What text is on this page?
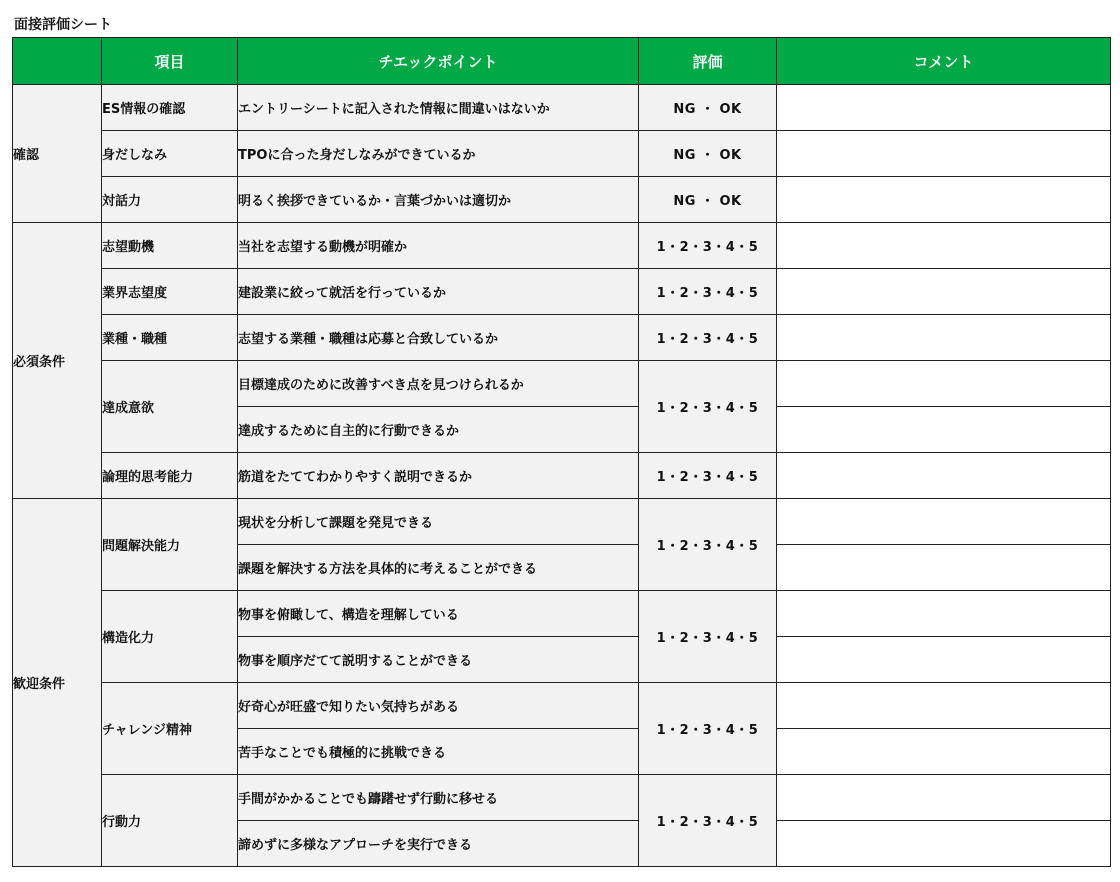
面接評価シート
	項目	チエックポイント	評価	コメント
確認	ES情報の確認	エントリーシートに記入された情報に間違いはないか	NG ・ OK	
	身だしなみ	TPOに合った身だしなみができているか	NG ・ OK	
	対話力	明るく挨拶できているか・言葉づかいは適切か	NG ・ OK	
必須条件	志望動機	当社を志望する動機が明確か	1・2・3・4・5	
	業界志望度	建設業に絞って就活を行っているか	1・2・3・4・5	
	業種・職種	志望する業種・職種は応募と合致しているか	1・2・3・4・5	
	達成意欲	目標達成のために改善すべき点を見つけられるか	1・2・3・4・5	
		達成するために自主的に行動できるか		
	論理的思考能力	筋道をたててわかりやすく説明できるか	1・2・3・4・5	
歓迎条件	問題解決能力	現状を分析して課題を発見できる	1・2・3・4・5	
		課題を解決する方法を具体的に考えることができる		
	構造化力	物事を俯瞰して、構造を理解している	1・2・3・4・5	
		物事を順序だてて説明することができる		
	チャレンジ精神	好奇心が旺盛で知りたい気持ちがある	1・2・3・4・5	
		苦手なことでも積極的に挑戦できる		
	行動力	手間がかかることでも躊躇せず行動に移せる	1・2・3・4・5	
		諦めずに多様なアプローチを実行できる		
